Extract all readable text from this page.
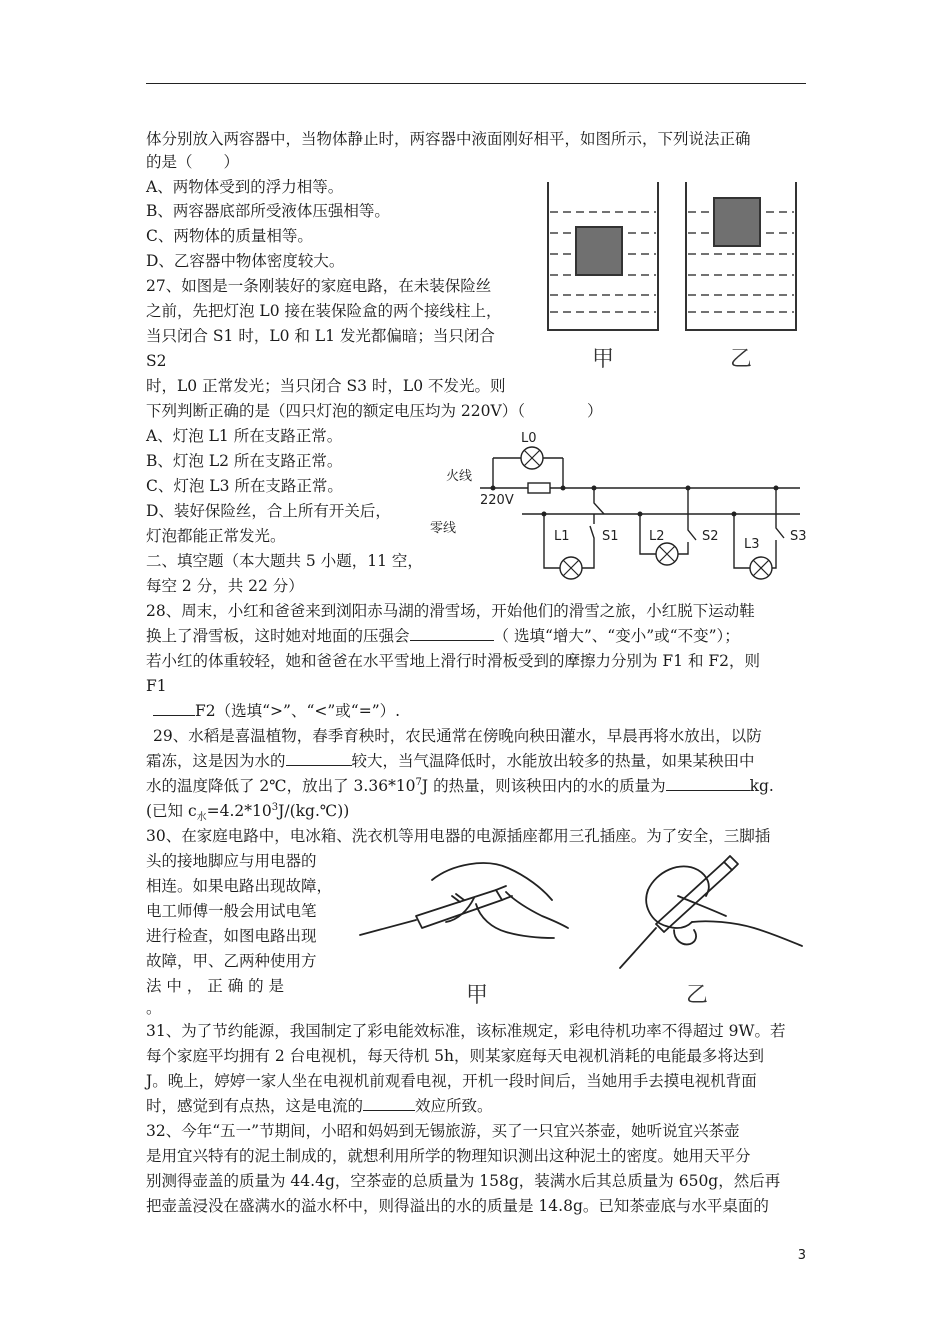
体分别放入两容器中，当物体静止时，两容器中液面刚好相平，如图所示，下列说法正确
的是（　　）
A、两物体受到的浮力相等。
B、两容器底部所受液体压强相等。
C、两物体的质量相等。
D、乙容器中物体密度较大。
27、如图是一条刚装好的家庭电路，在未装保险丝
之前，先把灯泡 L0 接在装保险盒的两个接线柱上，
当只闭合 S1 时，L0 和 L1 发光都偏暗；当只闭合
S2
时，L0 正常发光；当只闭合 S3 时，L0 不发光。则
下列判断正确的是（四只灯泡的额定电压均为 220V）（　　　　）
A、灯泡 L1 所在支路正常。
B、灯泡 L2 所在支路正常。
C、灯泡 L3 所在支路正常。
D、装好保险丝，合上所有开关后，
灯泡都能正常发光。
二、填空题（本大题共 5 小题，11 空，
每空 2 分，共 22 分）
28、周末，小红和爸爸来到浏阳赤马湖的滑雪场，开始他们的滑雪之旅，小红脱下运动鞋
换上了滑雪板，这时她对地面的压强会	（ 选填“增大”、“变小”或“不变”）；
若小红的体重较轻，她和爸爸在水平雪地上滑行时滑板受到的摩擦力分别为 F1 和 F2，则
F1
F2（选填“>”、“<”或“=”）.
29、水稻是喜温植物，春季育秧时，农民通常在傍晚向秧田灌水，早晨再将水放出，以防
霜冻，这是因为水的	较大，当气温降低时，水能放出较多的热量，如果某秧田中
水的温度降低了 2℃，放出了 $3.36*10^7J$ 的热量，则该秧田内的水的质量为	kg.
(已知 $c_水=4.2*10^3J/(kg.℃)$)
30、在家庭电路中，电冰箱、洗衣机等用电器的电源插座都用三孔插座。为了安全，三脚插
头的接地脚应与用电器的
相连。如果电路出现故障，
电工师傅一般会用试电笔
进行检查，如图电路出现
故障，甲、乙两种使用方
法 中 ， 正 确 的 是
。
31、为了节约能源，我国制定了彩电能效标准，该标准规定，彩电待机功率不得超过 9W。若
每个家庭平均拥有 2 台电视机，每天待机 5h，则某家庭每天电视机消耗的电能最多将达到
J。晚上，婷婷一家人坐在电视机前观看电视，开机一段时间后，当她用手去摸电视机背面
时，感觉到有点热，这是电流的	效应所致。
32、今年“五一”节期间，小昭和妈妈到无锡旅游，买了一只宜兴茶壶，她听说宜兴茶壶
是用宜兴特有的泥土制成的，就想利用所学的物理知识测出这种泥土的密度。她用天平分
别测得壶盖的质量为 44.4g，空茶壶的总质量为 158g，装满水后其总质量为 650g，然后再
把壶盖浸没在盛满水的溢水杯中，则得溢出的水的质量是 14.8g。已知茶壶底与水平桌面的
甲	乙
L0
火线
220V
零线
L1 S1 L2	S2
L3
S3
甲	乙
3
